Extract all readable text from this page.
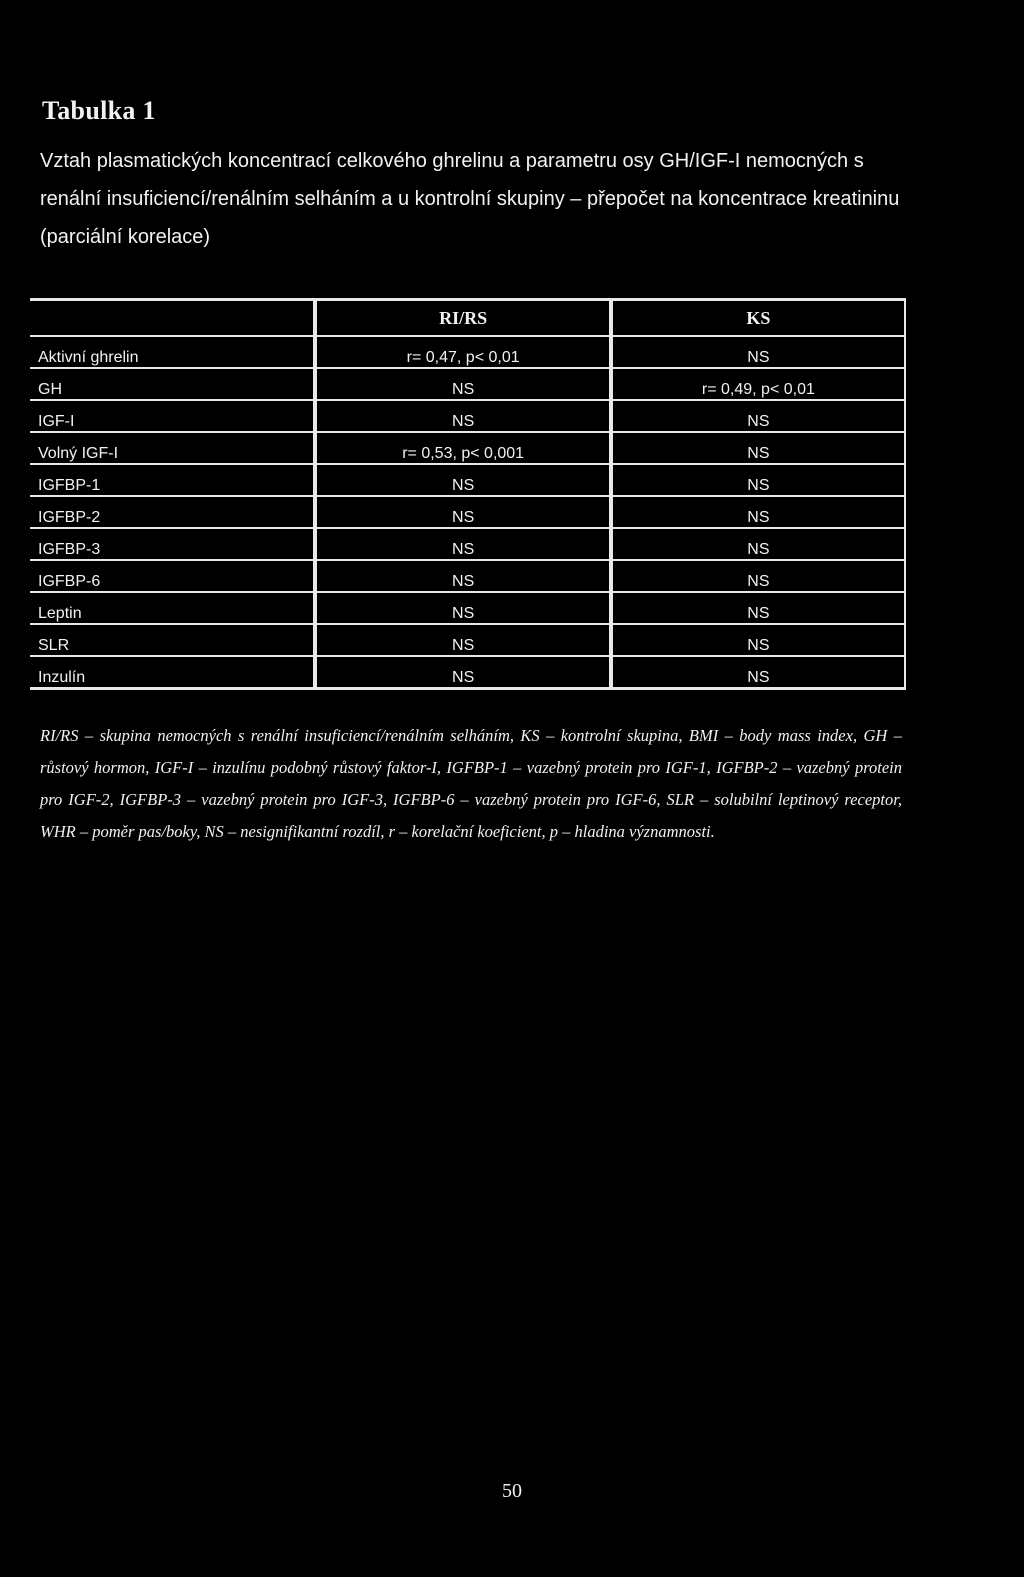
Tabulka 1
Vztah plasmatických koncentrací celkového ghrelinu a parametru osy GH/IGF-I nemocných s renální insuficiencí/renálním selháním a u kontrolní skupiny – přepočet na koncentrace kreatininu (parciální korelace)
	RI/RS	KS
Aktivní ghrelin	r= 0,47, p< 0,01	NS
GH	NS	r= 0,49, p< 0,01
IGF-I	NS	NS
Volný IGF-I	r= 0,53, p< 0,001	NS
IGFBP-1	NS	NS
IGFBP-2	NS	NS
IGFBP-3	NS	NS
IGFBP-6	NS	NS
Leptin	NS	NS
SLR	NS	NS
Inzulín	NS	NS
RI/RS – skupina nemocných s renální insuficiencí/renálním selháním, KS – kontrolní skupina, BMI – body mass index, GH – růstový hormon, IGF-I – inzulínu podobný růstový faktor-I, IGFBP-1 – vazebný protein pro IGF-1, IGFBP-2 – vazebný protein pro IGF-2, IGFBP-3 – vazebný protein pro IGF-3, IGFBP-6 – vazebný protein pro IGF-6, SLR – solubilní leptinový receptor, WHR – poměr pas/boky, NS – nesignifikantní rozdíl, r – korelační koeficient, p – hladina významnosti.
50
